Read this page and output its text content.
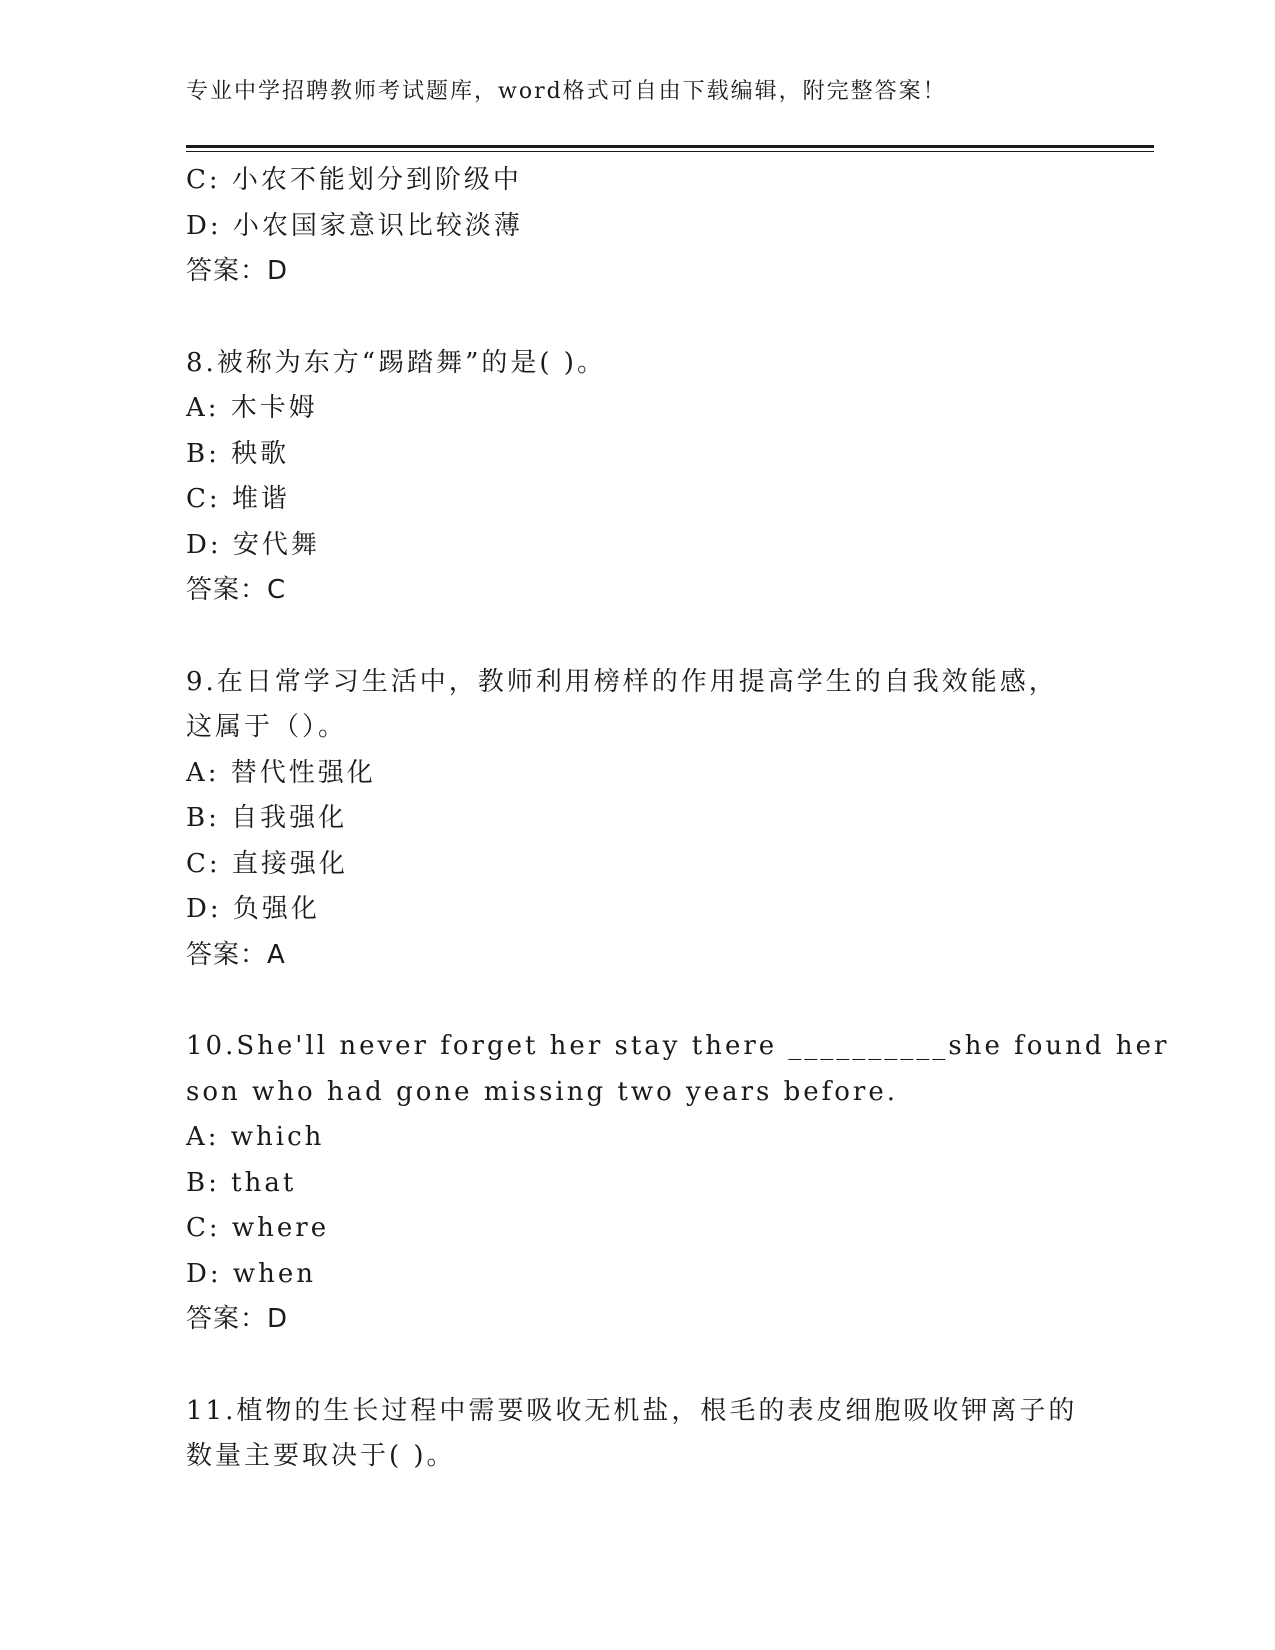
专业中学招聘教师考试题库，word格式可自由下载编辑，附完整答案！
C: 小农不能划分到阶级中
D: 小农国家意识比较淡薄
答案：D
8.被称为东方“踢踏舞”的是( )。
A: 木卡姆
B: 秧歌
C: 堆谐
D: 安代舞
答案：C
9.在日常学习生活中，教师利用榜样的作用提高学生的自我效能感，
这属于（）。
A: 替代性强化
B: 自我强化
C: 直接强化
D: 负强化
答案：A
10.She'll never forget her stay there __________she found her
son who had gone missing two years before.
A: which
B: that
C: where
D: when
答案：D
11.植物的生长过程中需要吸收无机盐，根毛的表皮细胞吸收钾离子的
数量主要取决于( )。
